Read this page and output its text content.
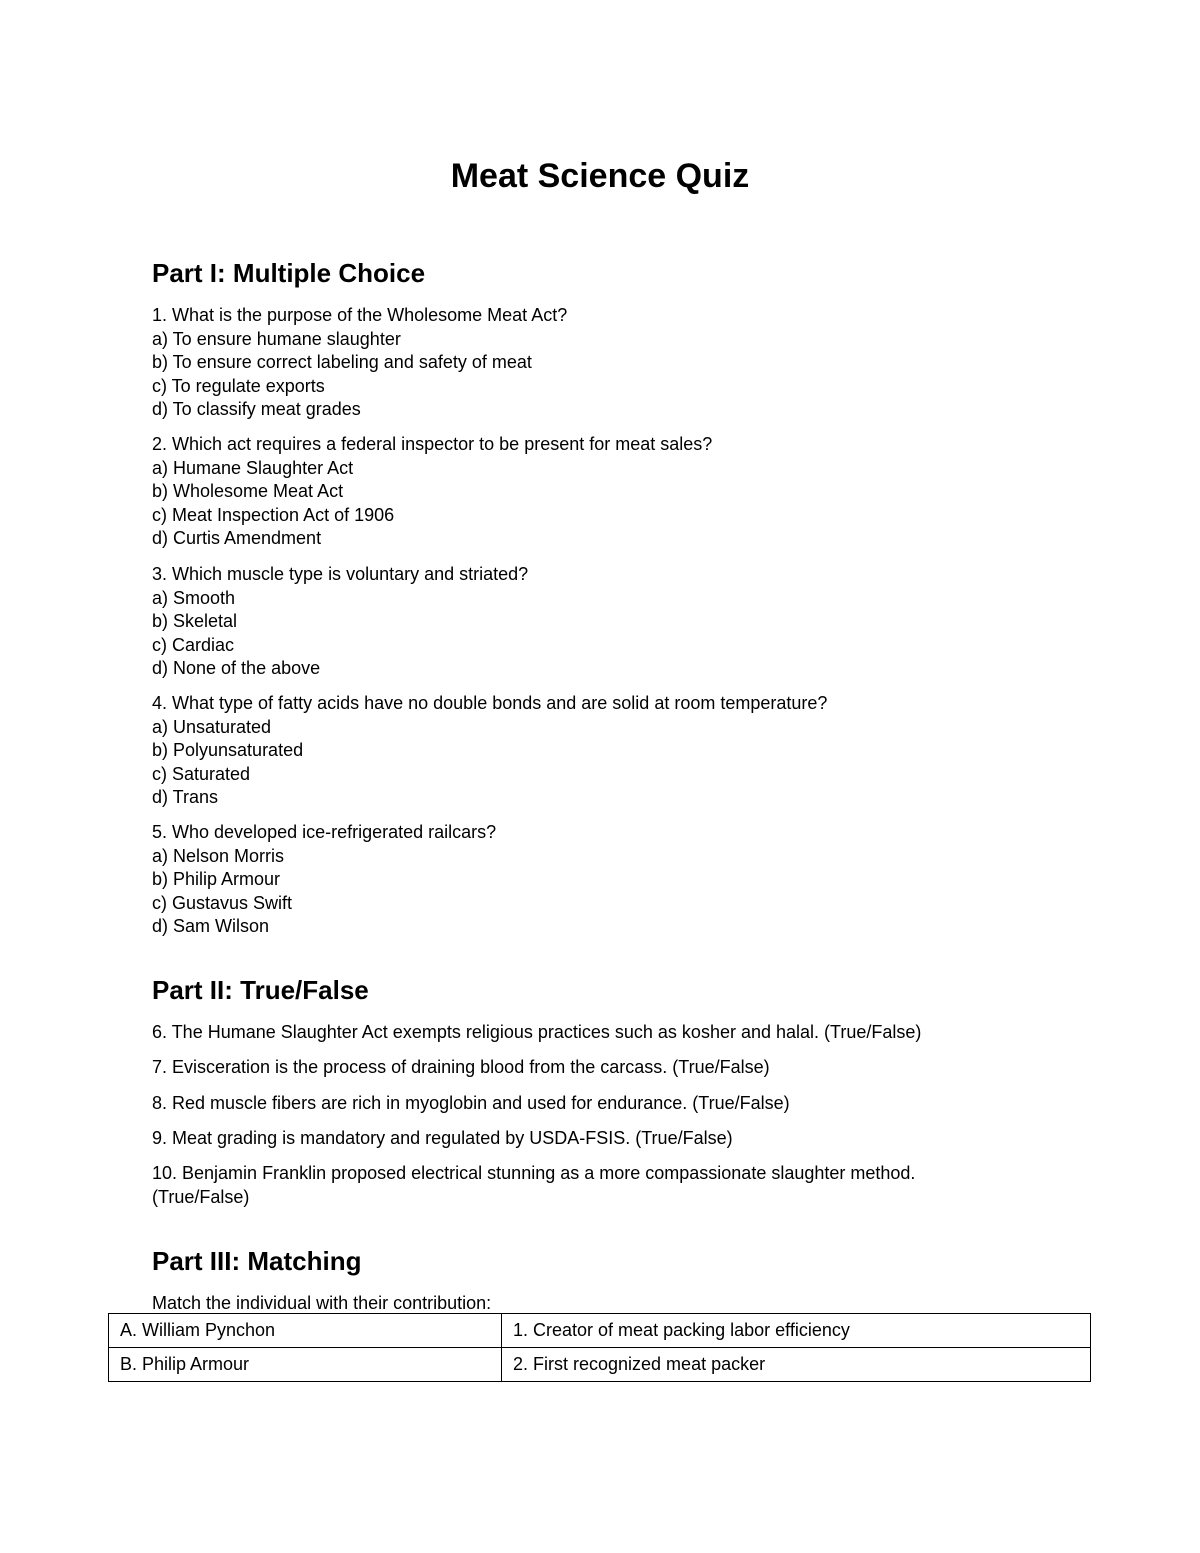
Meat Science Quiz
Part I: Multiple Choice
1. What is the purpose of the Wholesome Meat Act?
a) To ensure humane slaughter
b) To ensure correct labeling and safety of meat
c) To regulate exports
d) To classify meat grades
2. Which act requires a federal inspector to be present for meat sales?
a) Humane Slaughter Act
b) Wholesome Meat Act
c) Meat Inspection Act of 1906
d) Curtis Amendment
3. Which muscle type is voluntary and striated?
a) Smooth
b) Skeletal
c) Cardiac
d) None of the above
4. What type of fatty acids have no double bonds and are solid at room temperature?
a) Unsaturated
b) Polyunsaturated
c) Saturated
d) Trans
5. Who developed ice-refrigerated railcars?
a) Nelson Morris
b) Philip Armour
c) Gustavus Swift
d) Sam Wilson
Part II: True/False
6. The Humane Slaughter Act exempts religious practices such as kosher and halal. (True/False)
7. Evisceration is the process of draining blood from the carcass. (True/False)
8. Red muscle fibers are rich in myoglobin and used for endurance. (True/False)
9. Meat grading is mandatory and regulated by USDA-FSIS. (True/False)
10. Benjamin Franklin proposed electrical stunning as a more compassionate slaughter method. (True/False)
Part III: Matching
Match the individual with their contribution:
A. William Pynchon	1. Creator of meat packing labor efficiency
B. Philip Armour	2. First recognized meat packer
